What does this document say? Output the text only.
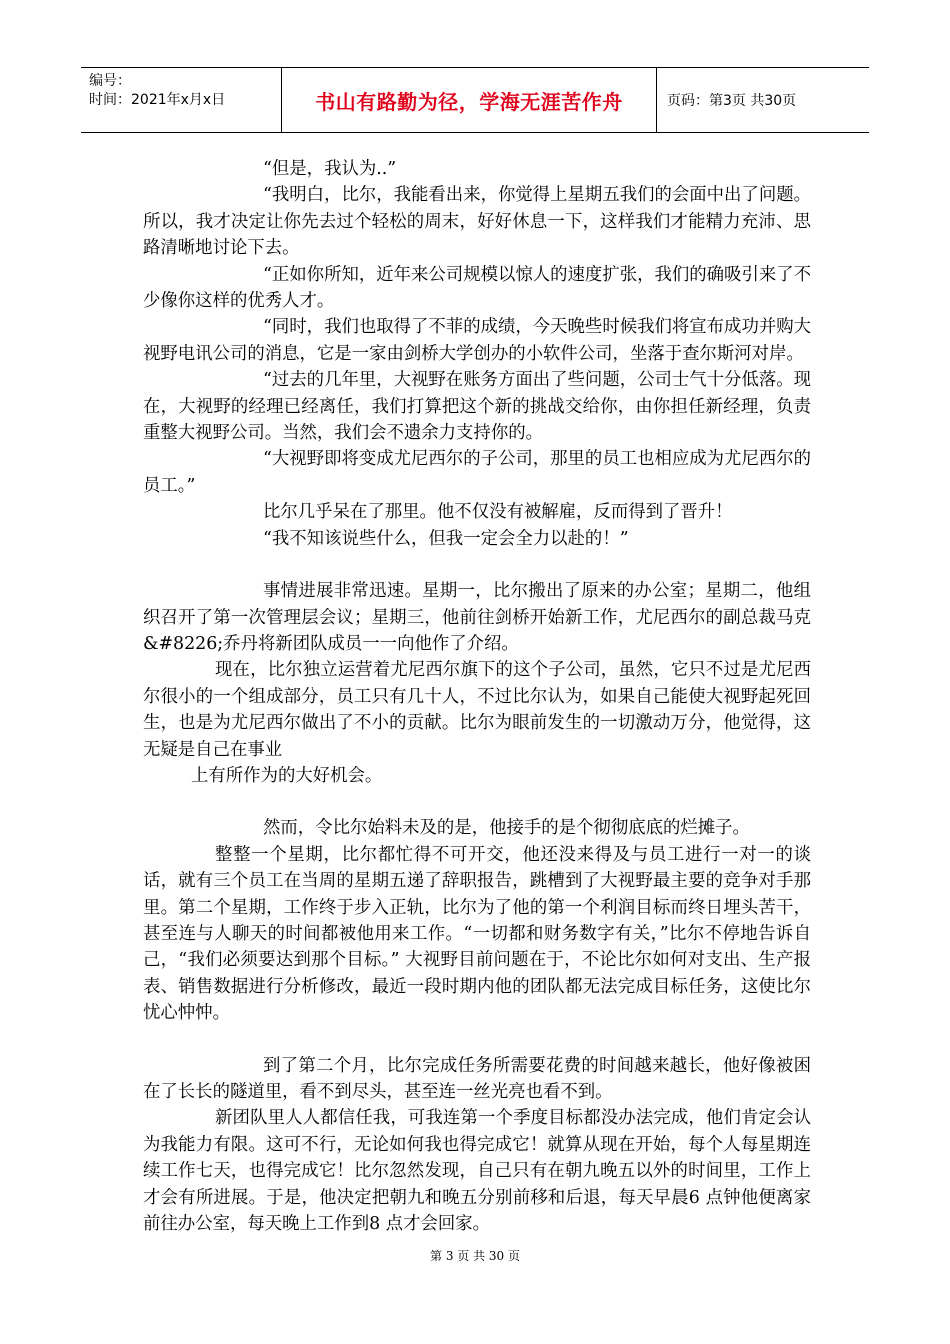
编号：
时间：2021年x月x日	书山有路勤为径，学海无涯苦作舟	页码：第3页 共30页

“但是，我认为..”

“我明白，比尔，我能看出来，你觉得上星期五我们的会面中出了问题。所以，我才决定让你先去过个轻松的周末，好好休息一下，这样我们才能精力充沛、思路清晰地讨论下去。

“正如你所知，近年来公司规模以惊人的速度扩张，我们的确吸引来了不少像你这样的优秀人才。

“同时，我们也取得了不菲的成绩，今天晚些时候我们将宣布成功并购大视野电讯公司的消息，它是一家由剑桥大学创办的小软件公司，坐落于查尔斯河对岸。

“过去的几年里，大视野在账务方面出了些问题，公司士气十分低落。现在，大视野的经理已经离任，我们打算把这个新的挑战交给你，由你担任新经理，负责重整大视野公司。当然，我们会不遗余力支持你的。

“大视野即将变成尤尼西尔的子公司，那里的员工也相应成为尤尼西尔的员工。”

比尔几乎呆在了那里。他不仅没有被解雇，反而得到了晋升！

“我不知该说些什么，但我一定会全力以赴的！”

事情进展非常迅速。星期一，比尔搬出了原来的办公室；星期二，他组织召开了第一次管理层会议；星期三，他前往剑桥开始新工作，尤尼西尔的副总裁马克&#8226;乔丹将新团队成员一一向他作了介绍。

现在，比尔独立运营着尤尼西尔旗下的这个子公司，虽然，它只不过是尤尼西尔很小的一个组成部分，员工只有几十人，不过比尔认为，如果自己能使大视野起死回生，也是为尤尼西尔做出了不小的贡献。比尔为眼前发生的一切激动万分，他觉得，这无疑是自己在事业

上有所作为的大好机会。

然而，令比尔始料未及的是，他接手的是个彻彻底底的烂摊子。

整整一个星期，比尔都忙得不可开交，他还没来得及与员工进行一对一的谈话，就有三个员工在当周的星期五递了辞职报告，跳槽到了大视野最主要的竞争对手那里。第二个星期，工作终于步入正轨，比尔为了他的第一个利润目标而终日埋头苦干，甚至连与人聊天的时间都被他用来工作。“一切都和财务数字有关，”比尔不停地告诉自己，“我们必须要达到那个目标。” 大视野目前问题在于，不论比尔如何对支出、生产报表、销售数据进行分析修改，最近一段时期内他的团队都无法完成目标任务，这使比尔忧心忡忡。

到了第二个月，比尔完成任务所需要花费的时间越来越长，他好像被困在了长长的隧道里，看不到尽头，甚至连一丝光亮也看不到。

新团队里人人都信任我，可我连第一个季度目标都没办法完成，他们肯定会认为我能力有限。这可不行，无论如何我也得完成它！就算从现在开始，每个人每星期连续工作七天，也得完成它！比尔忽然发现，自己只有在朝九晚五以外的时间里，工作上才会有所进展。于是，他决定把朝九和晚五分别前移和后退，每天早晨6 点钟他便离家前往办公室，每天晚上工作到8 点才会回家。

第 3 页 共 30 页
